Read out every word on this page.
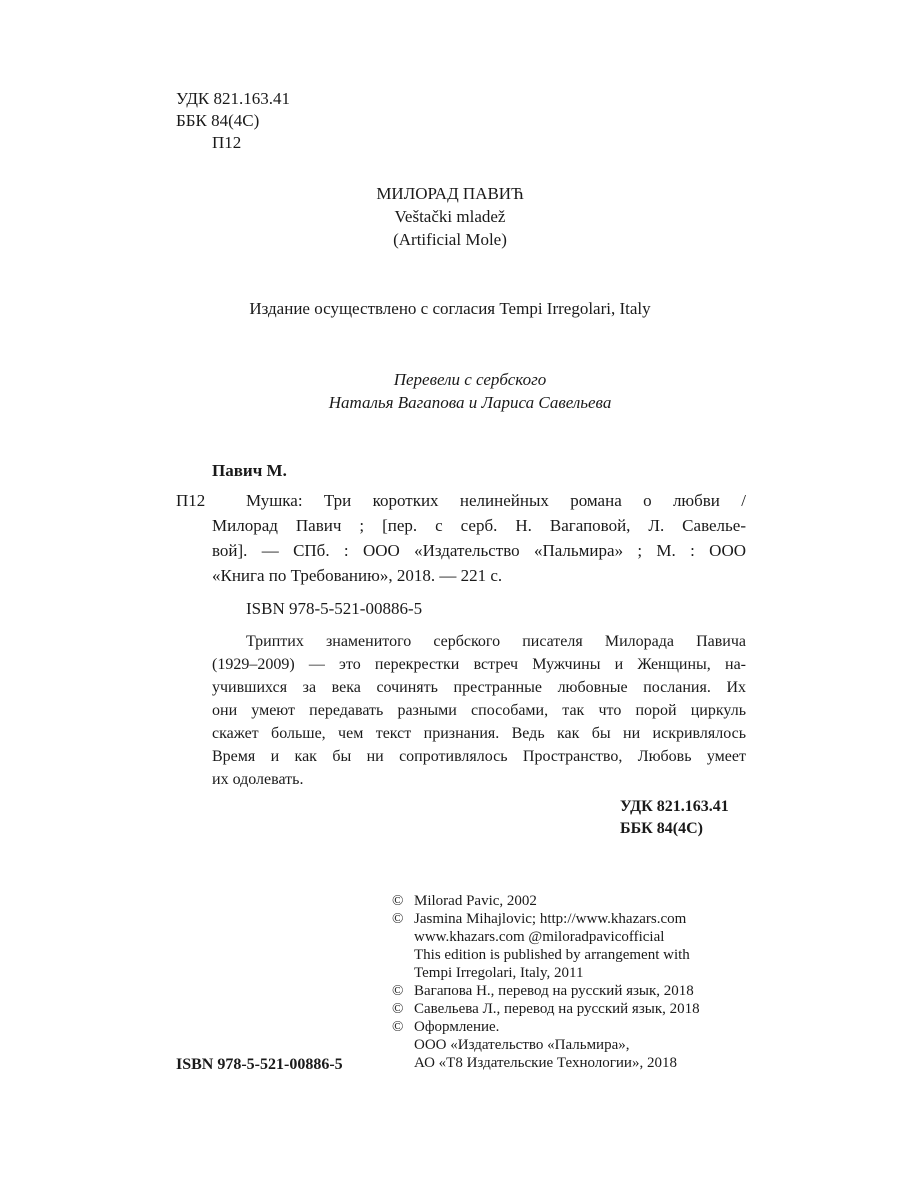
УДК 821.163.41
ББК 84(4С)
П12
МИЛОРАД ПАВИЋ
Veštački mladež
(Artificial Mole)
Издание осуществлено с согласия Tempi Irregolari, Italy
Перевели с сербского
Наталья Вагапова и Лариса Савельева
Павич М.
П12 Мушка: Три коротких нелинейных романа о любви /
Милорад Павич ; [пер. с серб. Н. Вагаповой, Л. Савелье-
вой]. — СПб. : ООО «Издательство «Пальмира» ; М. : ООО
«Книга по Требованию», 2018. — 221 с.
ISBN 978-5-521-00886-5
Триптих знаменитого сербского писателя Милорада Павича
(1929–2009) — это перекрестки встреч Мужчины и Женщины, на-
учившихся за века сочинять престранные любовные послания. Их
они умеют передавать разными способами, так что порой циркуль
скажет больше, чем текст признания. Ведь как бы ни искривлялось
Время и как бы ни сопротивлялось Пространство, Любовь умеет
их одолевать.
УДК 821.163.41
ББК 84(4С)
© Milorad Pavic, 2002
© Jasmina Mihajlovic; http://www.khazars.com
www.khazars.com @miloradpavicofficial
This edition is published by arrangement with
Tempi Irregolari, Italy, 2011
© Вагапова Н., перевод на русский язык, 2018
© Савельева Л., перевод на русский язык, 2018
© Оформление.
ООО «Издательство «Пальмира»,
АО «Т8 Издательские Технологии», 2018
ISBN 978-5-521-00886-5
